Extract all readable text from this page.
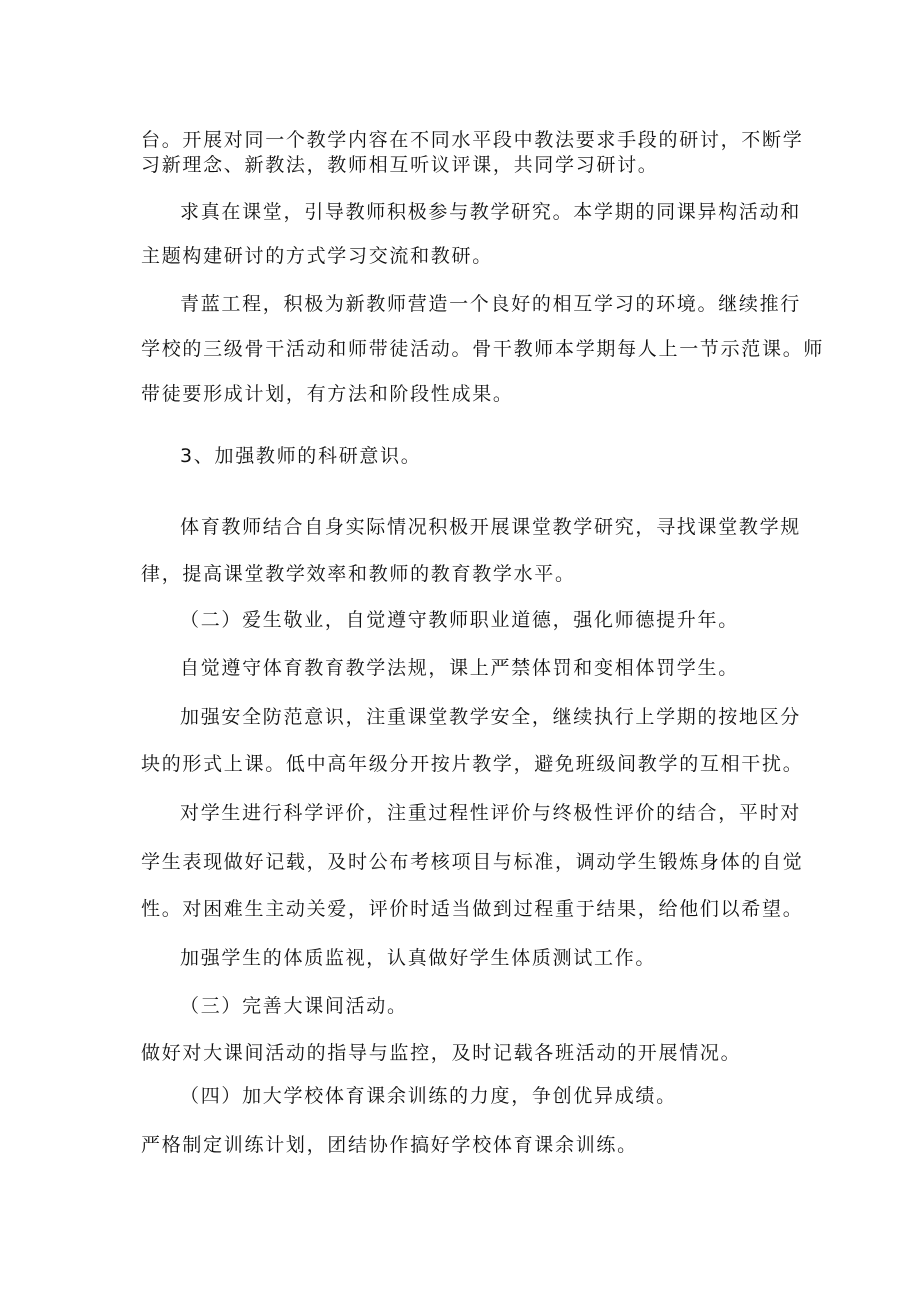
台。开展对同一个教学内容在不同水平段中教法要求手段的研讨，不断学
习新理念、新教法，教师相互听议评课，共同学习研讨。
求真在课堂，引导教师积极参与教学研究。本学期的同课异构活动和
主题构建研讨的方式学习交流和教研。
青蓝工程，积极为新教师营造一个良好的相互学习的环境。继续推行
学校的三级骨干活动和师带徒活动。骨干教师本学期每人上一节示范课。师
带徒要形成计划，有方法和阶段性成果。
3、加强教师的科研意识。
体育教师结合自身实际情况积极开展课堂教学研究，寻找课堂教学规
律，提高课堂教学效率和教师的教育教学水平。
（二）爱生敬业，自觉遵守教师职业道德，强化师德提升年。
自觉遵守体育教育教学法规，课上严禁体罚和变相体罚学生。
加强安全防范意识，注重课堂教学安全，继续执行上学期的按地区分
块的形式上课。低中高年级分开按片教学，避免班级间教学的互相干扰。
对学生进行科学评价，注重过程性评价与终极性评价的结合，平时对
学生表现做好记载，及时公布考核项目与标准，调动学生锻炼身体的自觉
性。对困难生主动关爱，评价时适当做到过程重于结果，给他们以希望。
加强学生的体质监视，认真做好学生体质测试工作。
（三）完善大课间活动。
做好对大课间活动的指导与监控，及时记载各班活动的开展情况。
（四）加大学校体育课余训练的力度，争创优异成绩。
严格制定训练计划，团结协作搞好学校体育课余训练。
